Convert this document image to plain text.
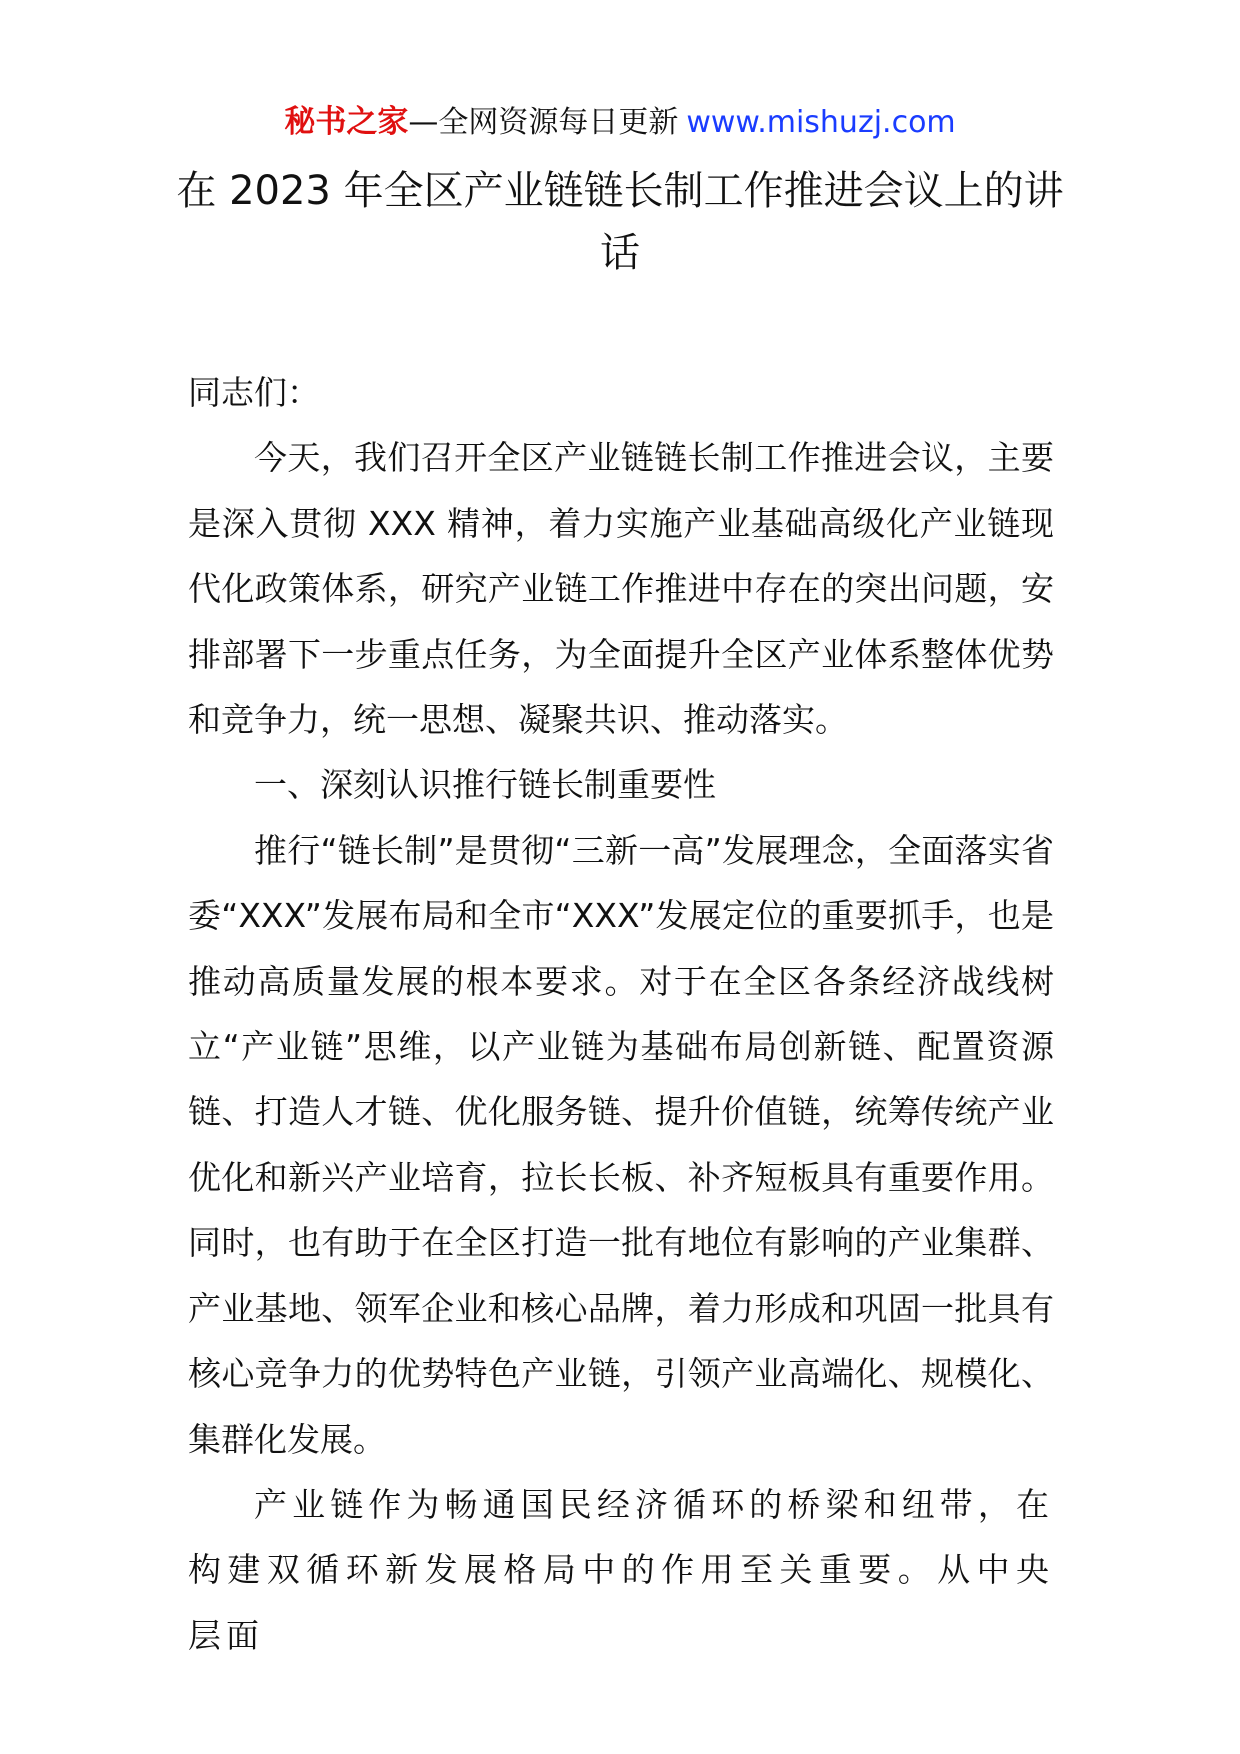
秘书之家—全网资源每日更新 www.mishuzj.com
在 2023 年全区产业链链长制工作推进会议上的讲话

同志们：

今天，我们召开全区产业链链长制工作推进会议，主要是深入贯彻 XXX 精神，着力实施产业基础高级化产业链现代化政策体系，研究产业链工作推进中存在的突出问题，安排部署下一步重点任务，为全面提升全区产业体系整体优势和竞争力，统一思想、凝聚共识、推动落实。

一、深刻认识推行链长制重要性

推行“链长制”是贯彻“三新一高”发展理念，全面落实省委“XXX”发展布局和全市“XXX”发展定位的重要抓手，也是推动高质量发展的根本要求。对于在全区各条经济战线树立“产业链”思维，以产业链为基础布局创新链、配置资源链、打造人才链、优化服务链、提升价值链，统筹传统产业优化和新兴产业培育，拉长长板、补齐短板具有重要作用。同时，也有助于在全区打造一批有地位有影响的产业集群、产业基地、领军企业和核心品牌，着力形成和巩固一批具有核心竞争力的优势特色产业链，引领产业高端化、规模化、集群化发展。

产业链作为畅通国民经济循环的桥梁和纽带，在构建双循环新发展格局中的作用至关重要。从中央层面
